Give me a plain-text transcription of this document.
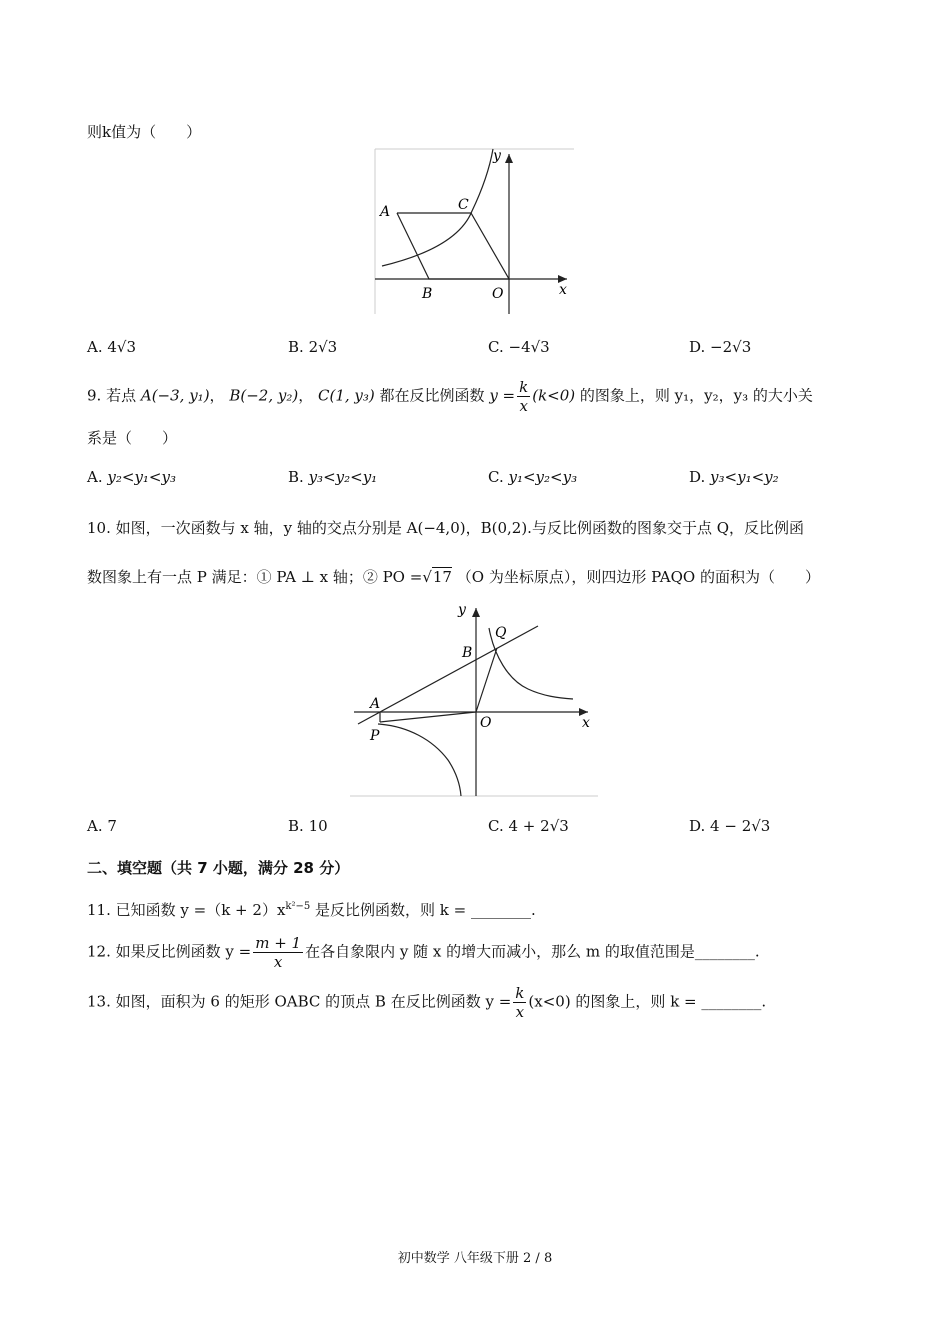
则k值为（　　）
y
x
A	C
B	O
A. 4√3	B. 2√3	C. −4√3	D. −2√3
9. 若点 A(−3, y₁)， B(−2, y₂)， C(1, y₃) 都在反比例函数 $y = \frac{k}{x} (k<0)$ 的图象上，则 y₁，y₂，y₃ 的大小关
系是（　　）
A. y₂<y₁<y₃	B. y₃<y₂<y₁	C. y₁<y₂<y₃	D. y₃<y₁<y₂
10. 如图，一次函数与 x 轴，y 轴的交点分别是 A(−4,0)，B(0,2).与反比例函数的图象交于点 Q，反比例函
数图象上有一点 P 满足：① PA ⊥ x 轴；② PO =√17 （O 为坐标原点），则四边形 PAQO 的面积为（　　）
y
x
Q
B
A
O
P
A. 7	B. 10	C. 4 + 2√3	D. 4 − 2√3
二、填空题（共 7 小题，满分 28 分）
11. 已知函数 $y =(k + 2)x^{k^2-5}$ 是反比例函数，则 k = ________.
12. 如果反比例函数 $y = \frac{m + 1}{x}$ 在各自象限内 y 随 x 的增大而减小，那么 m 的取值范围是________.
13. 如图，面积为 6 的矩形 OABC 的顶点 B 在反比例函数 $y = \frac{k}{x} (x<0)$ 的图象上，则 k = ________.
初中数学 八年级下册 2 / 8
